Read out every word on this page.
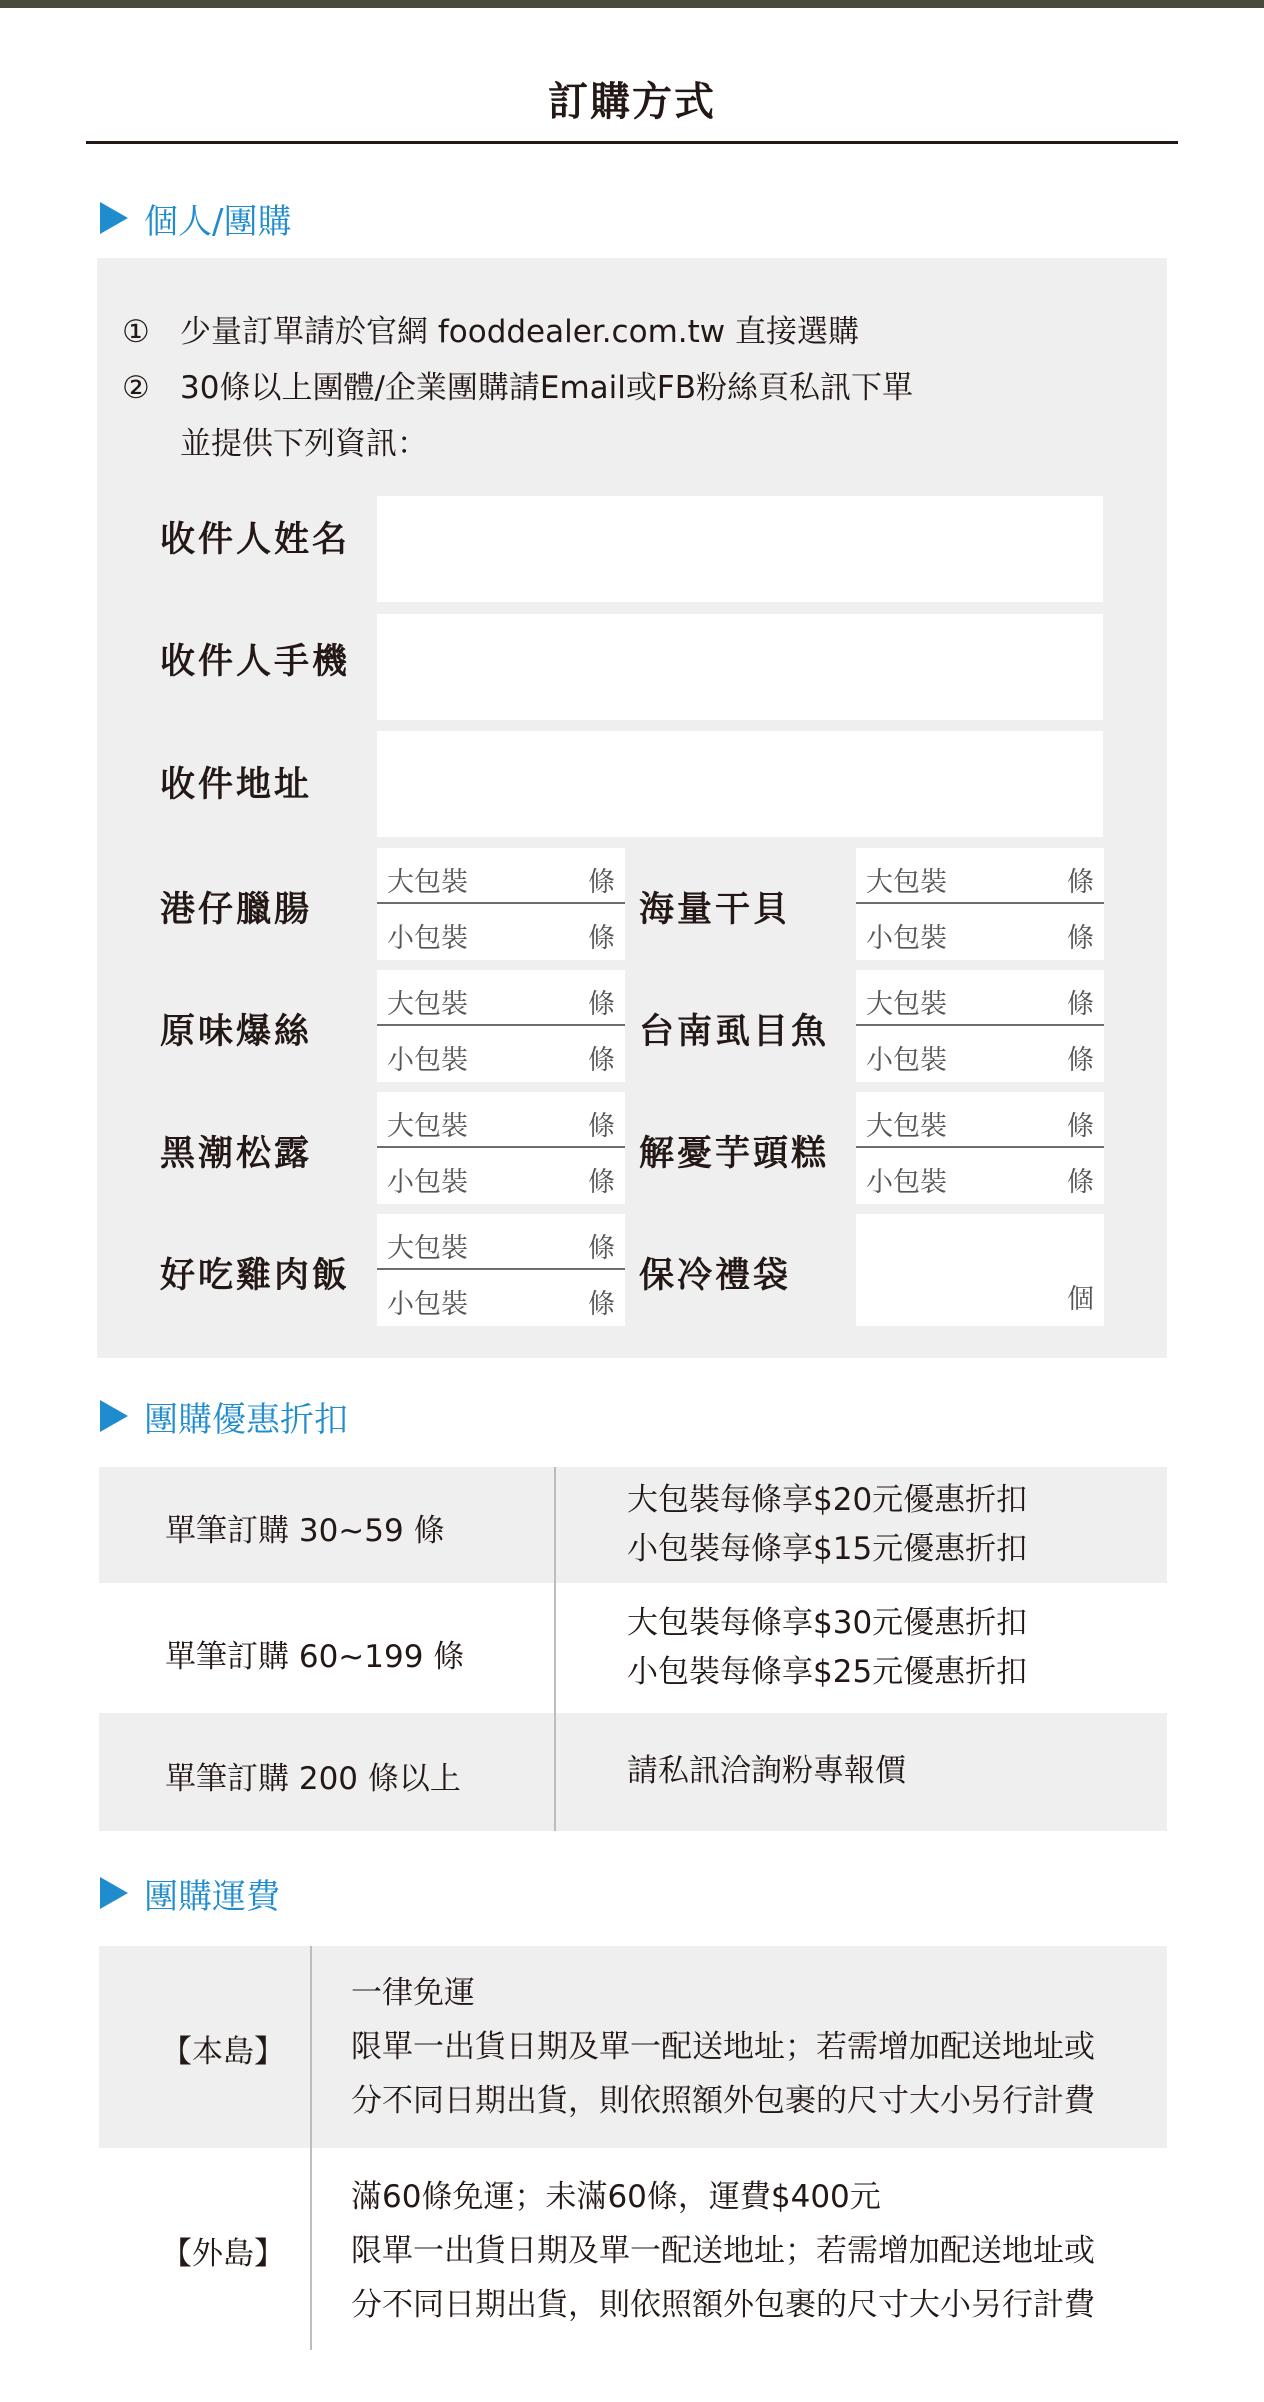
訂購方式
個人/團購
① 少量訂單請於官網 fooddealer.com.tw 直接選購
② 30條以上團體/企業團購請Email或FB粉絲頁私訊下單
並提供下列資訊：
收件人姓名
收件人手機
收件地址
港仔臘腸
大包裝	條
小包裝	條
海量干貝
大包裝	條
小包裝	條
原味爆絲
大包裝	條
小包裝	條
台南虱目魚
大包裝	條
小包裝	條
黑潮松露
大包裝	條
小包裝	條
解憂芋頭糕
大包裝	條
小包裝	條
好吃雞肉飯
大包裝	條
小包裝	條
保冷禮袋
個
團購優惠折扣
單筆訂購 30~59 條
大包裝每條享$20元優惠折扣
小包裝每條享$15元優惠折扣
單筆訂購 60~199 條
大包裝每條享$30元優惠折扣
小包裝每條享$25元優惠折扣
單筆訂購 200 條以上	請私訊洽詢粉專報價
團購運費
【本島】
一律免運
限單一出貨日期及單一配送地址；若需增加配送地址或
分不同日期出貨，則依照額外包裹的尺寸大小另行計費
【外島】
滿60條免運；未滿60條，運費$400元
限單一出貨日期及單一配送地址；若需增加配送地址或
分不同日期出貨，則依照額外包裹的尺寸大小另行計費
